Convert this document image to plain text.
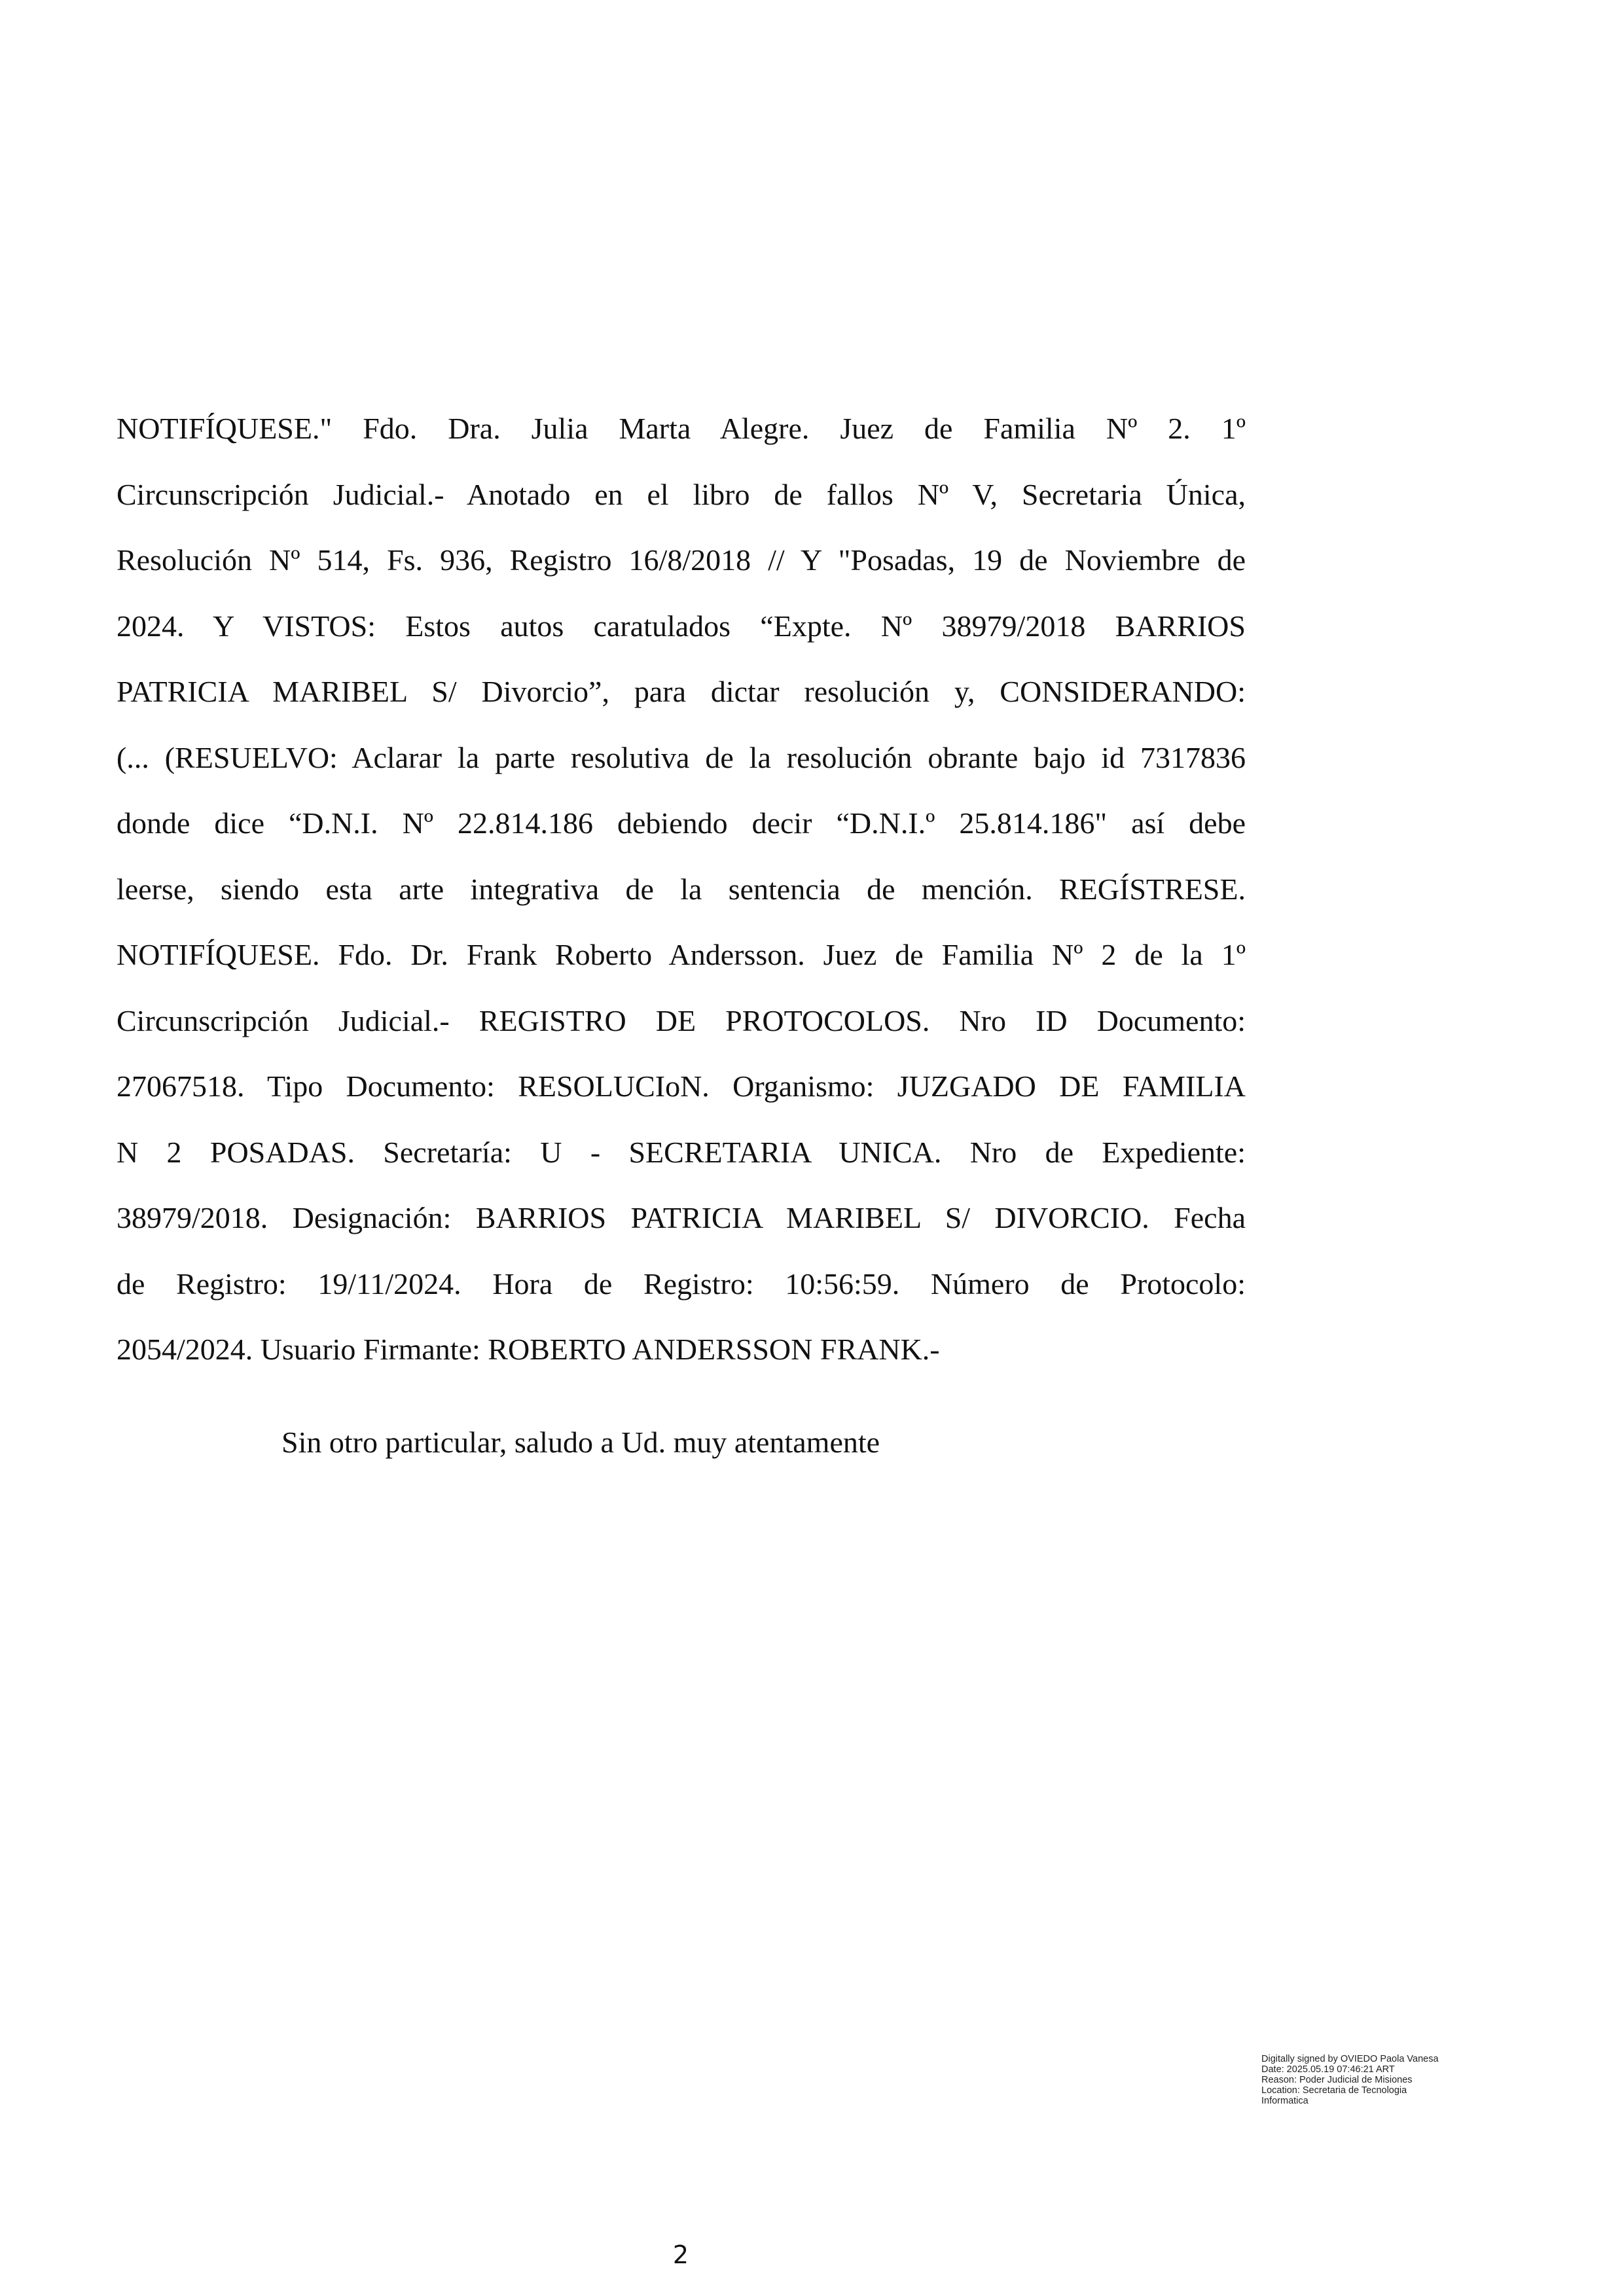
NOTIFÍQUESE." Fdo. Dra. Julia Marta Alegre. Juez de Familia Nº 2. 1º
Circunscripción Judicial.- Anotado en el libro de fallos Nº V, Secretaria Única,
Resolución Nº 514, Fs. 936, Registro 16/8/2018 // Y "Posadas, 19 de Noviembre de
2024. Y VISTOS: Estos autos caratulados “Expte. Nº 38979/2018 BARRIOS
PATRICIA MARIBEL S/ Divorcio”, para dictar resolución y, CONSIDERANDO:
(... (RESUELVO: Aclarar la parte resolutiva de la resolución obrante bajo id 7317836
donde dice “D.N.I. Nº 22.814.186 debiendo decir “D.N.I.º 25.814.186" así debe
leerse, siendo esta arte integrativa de la sentencia de mención. REGÍSTRESE.
NOTIFÍQUESE. Fdo. Dr. Frank Roberto Andersson. Juez de Familia Nº 2 de la 1º
Circunscripción Judicial.- REGISTRO DE PROTOCOLOS. Nro ID Documento:
27067518. Tipo Documento: RESOLUCIoN. Organismo: JUZGADO DE FAMILIA
N 2 POSADAS. Secretaría: U - SECRETARIA UNICA. Nro de Expediente:
38979/2018. Designación: BARRIOS PATRICIA MARIBEL S/ DIVORCIO. Fecha
de Registro: 19/11/2024. Hora de Registro: 10:56:59. Número de Protocolo:
2054/2024. Usuario Firmante: ROBERTO ANDERSSON FRANK.-

Sin otro particular, saludo a Ud. muy atentamente

Digitally signed by OVIEDO Paola Vanesa
Date: 2025.05.19 07:46:21 ART
Reason: Poder Judicial de Misiones
Location: Secretaria de Tecnologia
Informatica
2
